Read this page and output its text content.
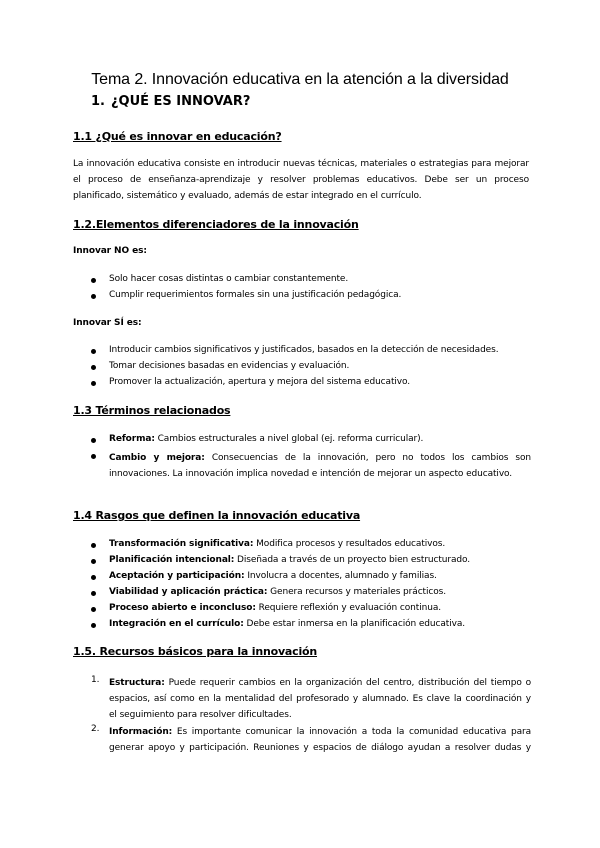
Tema 2. Innovación educativa en la atención a la diversidad
1. ¿QUÉ ES INNOVAR?
1.1 ¿Qué es innovar en educación?
La innovación educativa consiste en introducir nuevas técnicas, materiales o estrategias para mejorar
el proceso de enseñanza-aprendizaje y resolver problemas educativos. Debe ser un proceso
planificado, sistemático y evaluado, además de estar integrado en el currículo.
1.2.Elementos diferenciadores de la innovación
Innovar NO es:
Solo hacer cosas distintas o cambiar constantemente.
Cumplir requerimientos formales sin una justificación pedagógica.
Innovar SÍ es:
Introducir cambios significativos y justificados, basados en la detección de necesidades.
Tomar decisiones basadas en evidencias y evaluación.
Promover la actualización, apertura y mejora del sistema educativo.
1.3 Términos relacionados
Reforma: Cambios estructurales a nivel global (ej. reforma curricular).
Cambio y mejora: Consecuencias de la innovación, pero no todos los cambios son
innovaciones. La innovación implica novedad e intención de mejorar un aspecto educativo.
1.4 Rasgos que definen la innovación educativa
Transformación significativa: Modifica procesos y resultados educativos.
Planificación intencional: Diseñada a través de un proyecto bien estructurado.
Aceptación y participación: Involucra a docentes, alumnado y familias.
Viabilidad y aplicación práctica: Genera recursos y materiales prácticos.
Proceso abierto e inconcluso: Requiere reflexión y evaluación continua.
Integración en el currículo: Debe estar inmersa en la planificación educativa.
1.5. Recursos básicos para la innovación
1. Estructura: Puede requerir cambios en la organización del centro, distribución del tiempo o
espacios, así como en la mentalidad del profesorado y alumnado. Es clave la coordinación y
el seguimiento para resolver dificultades.
2. Información: Es importante comunicar la innovación a toda la comunidad educativa para
generar apoyo y participación. Reuniones y espacios de diálogo ayudan a resolver dudas y
